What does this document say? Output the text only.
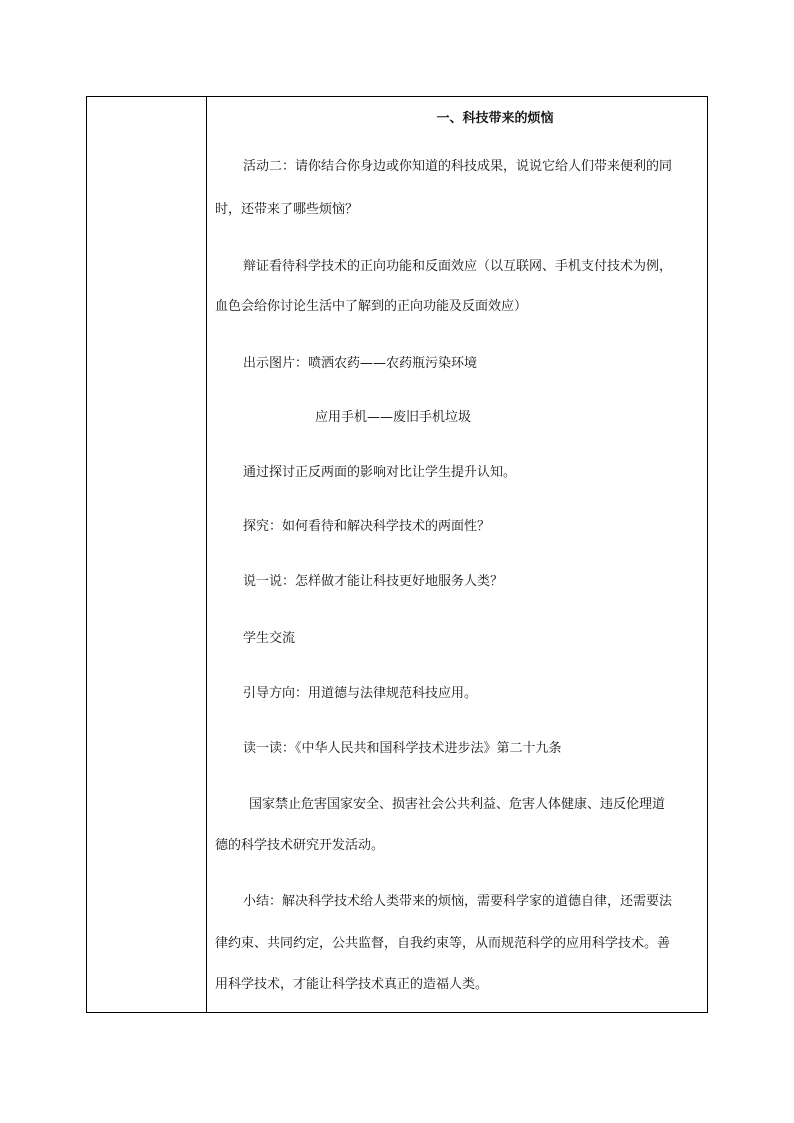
一、科技带来的烦恼
活动二：请你结合你身边或你知道的科技成果，说说它给人们带来便利的同
时，还带来了哪些烦恼？
辩证看待科学技术的正向功能和反面效应（以互联网、手机支付技术为例，
血色会给你讨论生活中了解到的正向功能及反面效应）
出示图片：喷洒农药——农药瓶污染环境
应用手机——废旧手机垃圾
通过探讨正反两面的影响对比让学生提升认知。
探究：如何看待和解决科学技术的两面性？
说一说：怎样做才能让科技更好地服务人类？
学生交流
引导方向：用道德与法律规范科技应用。
读一读：《中华人民共和国科学技术进步法》第二十九条
国家禁止危害国家安全、损害社会公共利益、危害人体健康、违反伦理道
德的科学技术研究开发活动。
小结：解决科学技术给人类带来的烦恼，需要科学家的道德自律，还需要法
律约束、共同约定，公共监督，自我约束等，从而规范科学的应用科学技术。善
用科学技术，才能让科学技术真正的造福人类。
